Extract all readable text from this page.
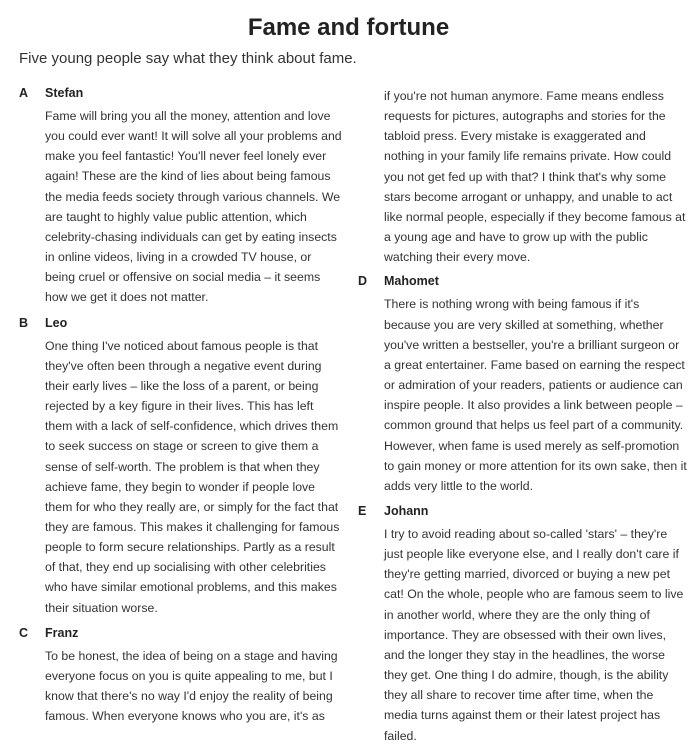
Fame and fortune
Five young people say what they think about fame.
A Stefan

Fame will bring you all the money, attention and love you could ever want! It will solve all your problems and make you feel fantastic! You'll never feel lonely ever again! These are the kind of lies about being famous the media feeds society through various channels. We are taught to highly value public attention, which celebrity-chasing individuals can get by eating insects in online videos, living in a crowded TV house, or being cruel or offensive on social media – it seems how we get it does not matter.

B Leo

One thing I've noticed about famous people is that they've often been through a negative event during their early lives – like the loss of a parent, or being rejected by a key figure in their lives. This has left them with a lack of self-confidence, which drives them to seek success on stage or screen to give them a sense of self-worth. The problem is that when they achieve fame, they begin to wonder if people love them for who they really are, or simply for the fact that they are famous. This makes it challenging for famous people to form secure relationships. Partly as a result of that, they end up socialising with other celebrities who have similar emotional problems, and this makes their situation worse.

C Franz

To be honest, the idea of being on a stage and having everyone focus on you is quite appealing to me, but I know that there's no way I'd enjoy the reality of being famous. When everyone knows who you are, it's as

if you're not human anymore. Fame means endless requests for pictures, autographs and stories for the tabloid press. Every mistake is exaggerated and nothing in your family life remains private. How could you not get fed up with that? I think that's why some stars become arrogant or unhappy, and unable to act like normal people, especially if they become famous at a young age and have to grow up with the public watching their every move.

D Mahomet

There is nothing wrong with being famous if it's because you are very skilled at something, whether you've written a bestseller, you're a brilliant surgeon or a great entertainer. Fame based on earning the respect or admiration of your readers, patients or audience can inspire people. It also provides a link between people – common ground that helps us feel part of a community. However, when fame is used merely as self-promotion to gain money or more attention for its own sake, then it adds very little to the world.

E Johann

I try to avoid reading about so-called 'stars' – they're just people like everyone else, and I really don't care if they're getting married, divorced or buying a new pet cat! On the whole, people who are famous seem to live in another world, where they are the only thing of importance. They are obsessed with their own lives, and the longer they stay in the headlines, the worse they get. One thing I do admire, though, is the ability they all share to recover time after time, when the media turns against them or their latest project has failed.
